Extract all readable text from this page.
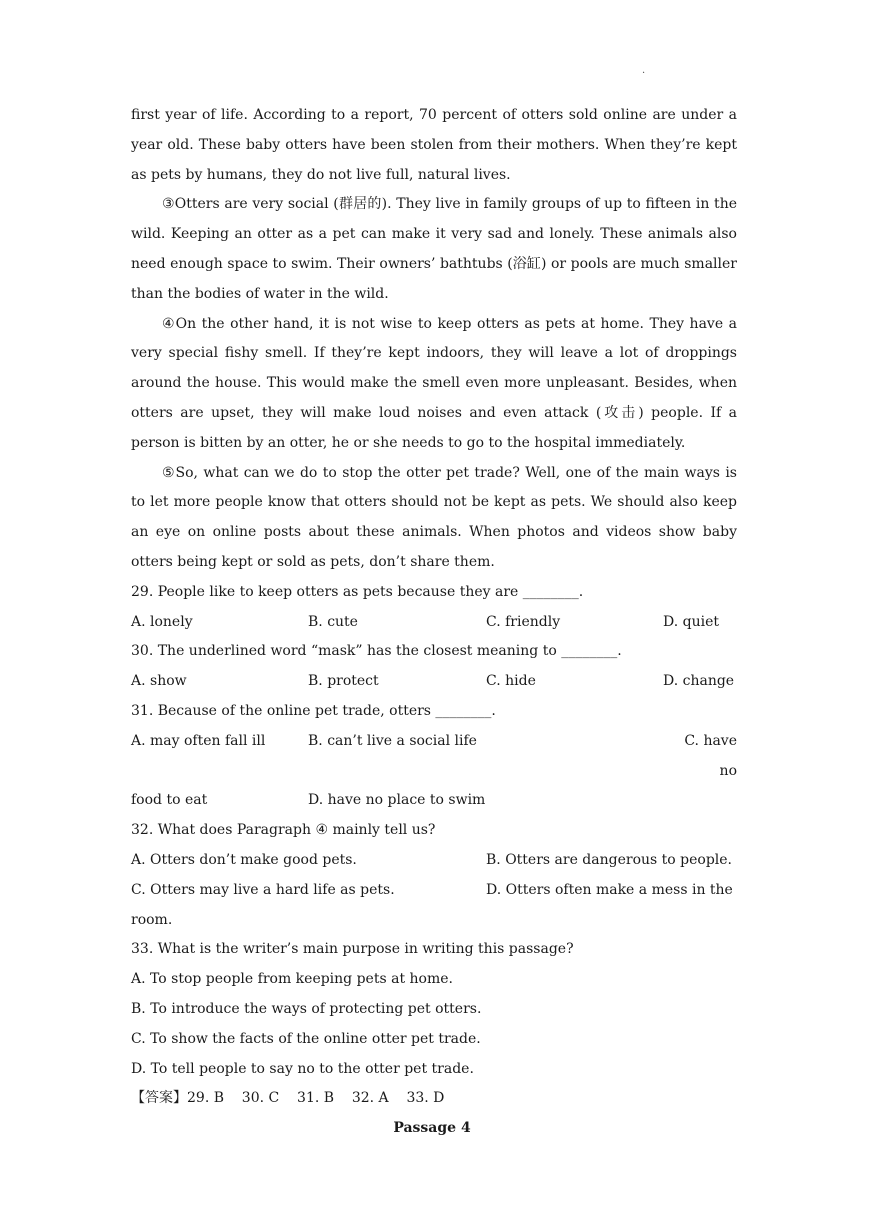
·

first year of life. According to a report, 70 percent of otters sold online are under a year old. These baby otters have been stolen from their mothers. When they’re kept as pets by humans, they do not live full, natural lives.

③Otters are very social (群居的). They live in family groups of up to fifteen in the wild. Keeping an otter as a pet can make it very sad and lonely. These animals also need enough space to swim. Their owners’ bathtubs (浴缸) or pools are much smaller than the bodies of water in the wild.

④On the other hand, it is not wise to keep otters as pets at home. They have a very special fishy smell. If they’re kept indoors, they will leave a lot of droppings around the house. This would make the smell even more unpleasant. Besides, when otters are upset, they will make loud noises and even attack (攻击) people. If a person is bitten by an otter, he or she needs to go to the hospital immediately.

⑤So, what can we do to stop the otter pet trade? Well, one of the main ways is to let more people know that otters should not be kept as pets. We should also keep an eye on online posts about these animals. When photos and videos show baby otters being kept or sold as pets, don’t share them.

29. People like to keep otters as pets because they are ________.

A. lonely	B. cute	C. friendly	D. quiet

30. The underlined word “mask” has the closest meaning to ________.

A. show	B. protect	C. hide	D. change

31. Because of the online pet trade, otters ________.

A. may often fall ill	B. can’t live a social life	C. have no
food to eat	D. have no place to swim

32. What does Paragraph ④ mainly tell us?

A. Otters don’t make good pets.	B. Otters are dangerous to people.
C. Otters may live a hard life as pets.	D. Otters often make a mess in the

room.

33. What is the writer’s main purpose in writing this passage?

A. To stop people from keeping pets at home.

B. To introduce the ways of protecting pet otters.

C. To show the facts of the online otter pet trade.

D. To tell people to say no to the otter pet trade.

【答案】29. B    30. C    31. B    32. A    33. D

Passage 4
